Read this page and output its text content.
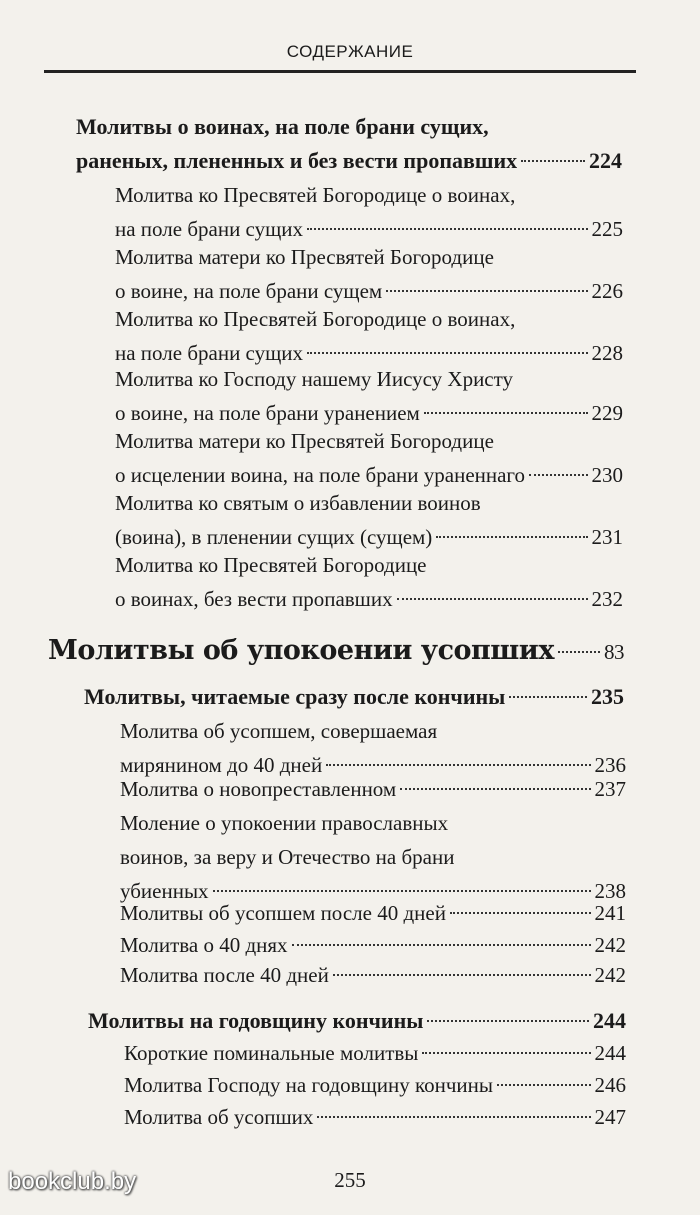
СОДЕРЖАНИЕ
Молитвы о воинах, на поле брани сущих,
раненых, плененных и без вести пропавших	224
Молитва ко Пресвятей Богородице о воинах,
на поле брани сущих	225
Молитва матери ко Пресвятей Богородице
о воине, на поле брани сущем	226
Молитва ко Пресвятей Богородице о воинах,
на поле брани сущих	228
Молитва ко Господу нашему Иисусу Христу
о воине, на поле брани уранением	229
Молитва матери ко Пресвятей Богородице
о исцелении воина, на поле брани ураненнаго	230
Молитва ко святым о избавлении воинов
(воина), в пленении сущих (сущем)	231
Молитва ко Пресвятей Богородице
о воинах, без вести пропавших	232
Молитвы об упокоении усопших 83
Молитвы, читаемые сразу после кончины	235
Молитва об усопшем, совершаемая
мирянином до 40 дней	236
Молитва о новопреставленном	237
Моление о упокоении православных
воинов, за веру и Отечество на брани
убиенных	238
Молитвы об усопшем после 40 дней	241
Молитва о 40 днях	242
Молитва после 40 дней	242
Молитвы на годовщину кончины	244
Короткие поминальные молитвы	244
Молитва Господу на годовщину кончины	246
Молитва об усопших	247
255
bookclub.by
